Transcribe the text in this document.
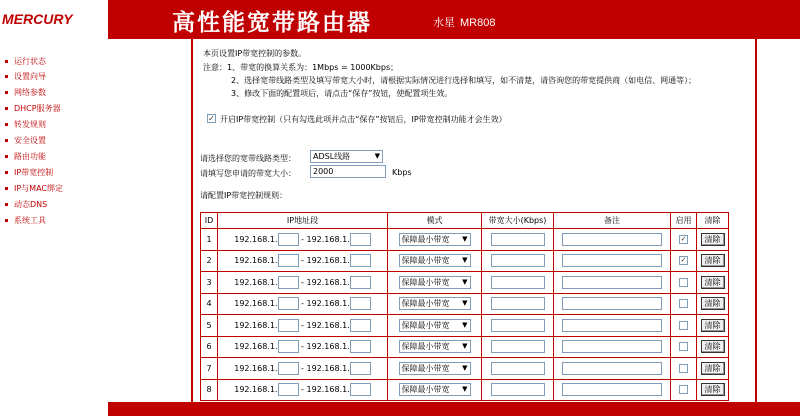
MERCURY	高性能宽带路由器	水星 MR808
运行状态
设置向导
网络参数
DHCP服务器
转发规则
安全设置
路由功能
IP带宽控制
IP与MAC绑定
动态DNS
系统工具
本页设置IP带宽控制的参数。
注意：1、带宽的换算关系为：1Mbps = 1000Kbps；
2、选择宽带线路类型及填写带宽大小时，请根据实际情况进行选择和填写，如不清楚，请咨询您的带宽提供商（如电信、网通等）；
3、修改下面的配置项后，请点击“保存”按钮，使配置项生效。
✓ 开启IP带宽控制（只有勾选此项并点击“保存”按钮后，IP带宽控制功能才会生效）
请选择您的宽带线路类型：	ADSL线路	▼
请填写您申请的带宽大小：	2000	Kbps
请配置IP带宽控制规则：
ID	IP地址段	模式	带宽大小(Kbps)	备注	启用	清除
1	192.168.1. - 192.168.1.	保障最小带宽 ▼			✓	清除
2	192.168.1. - 192.168.1.	保障最小带宽 ▼			✓	清除
3	192.168.1. - 192.168.1.	保障最小带宽 ▼				清除
4	192.168.1. - 192.168.1.	保障最小带宽 ▼				清除
5	192.168.1. - 192.168.1.	保障最小带宽 ▼				清除
6	192.168.1. - 192.168.1.	保障最小带宽 ▼				清除
7	192.168.1. - 192.168.1.	保障最小带宽 ▼				清除
8	192.168.1. - 192.168.1.	保障最小带宽 ▼				清除
